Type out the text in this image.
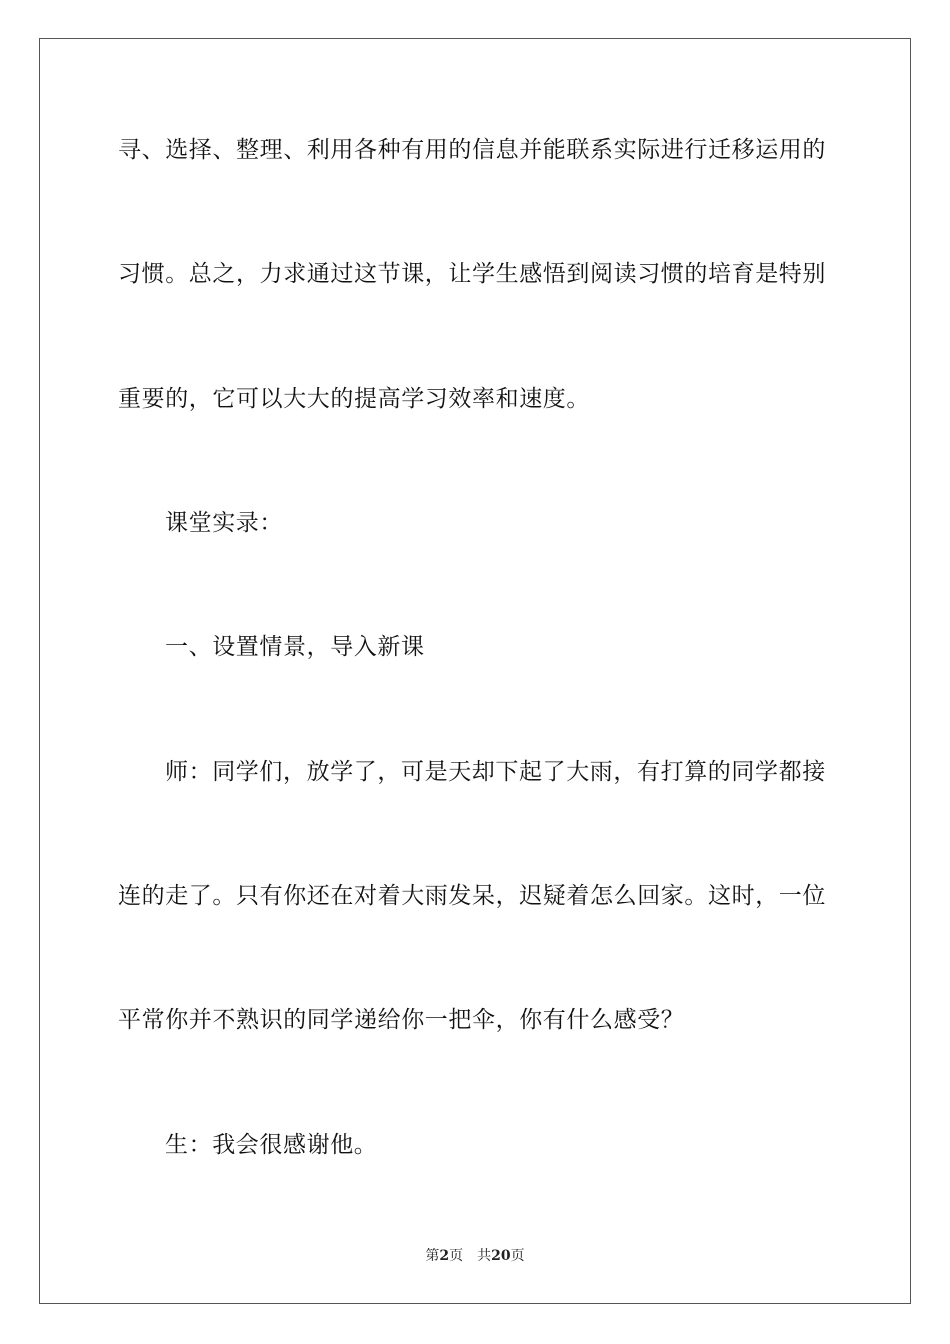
寻、选择、整理、利用各种有用的信息并能联系实际进行迁移运用的
习惯。总之，力求通过这节课，让学生感悟到阅读习惯的培育是特别
重要的，它可以大大的提高学习效率和速度。
课堂实录：
一、设置情景，导入新课
师：同学们，放学了，可是天却下起了大雨，有打算的同学都接
连的走了。只有你还在对着大雨发呆，迟疑着怎么回家。这时，一位
平常你并不熟识的同学递给你一把伞，你有什么感受？
生：我会很感谢他。
第2页 共20页
